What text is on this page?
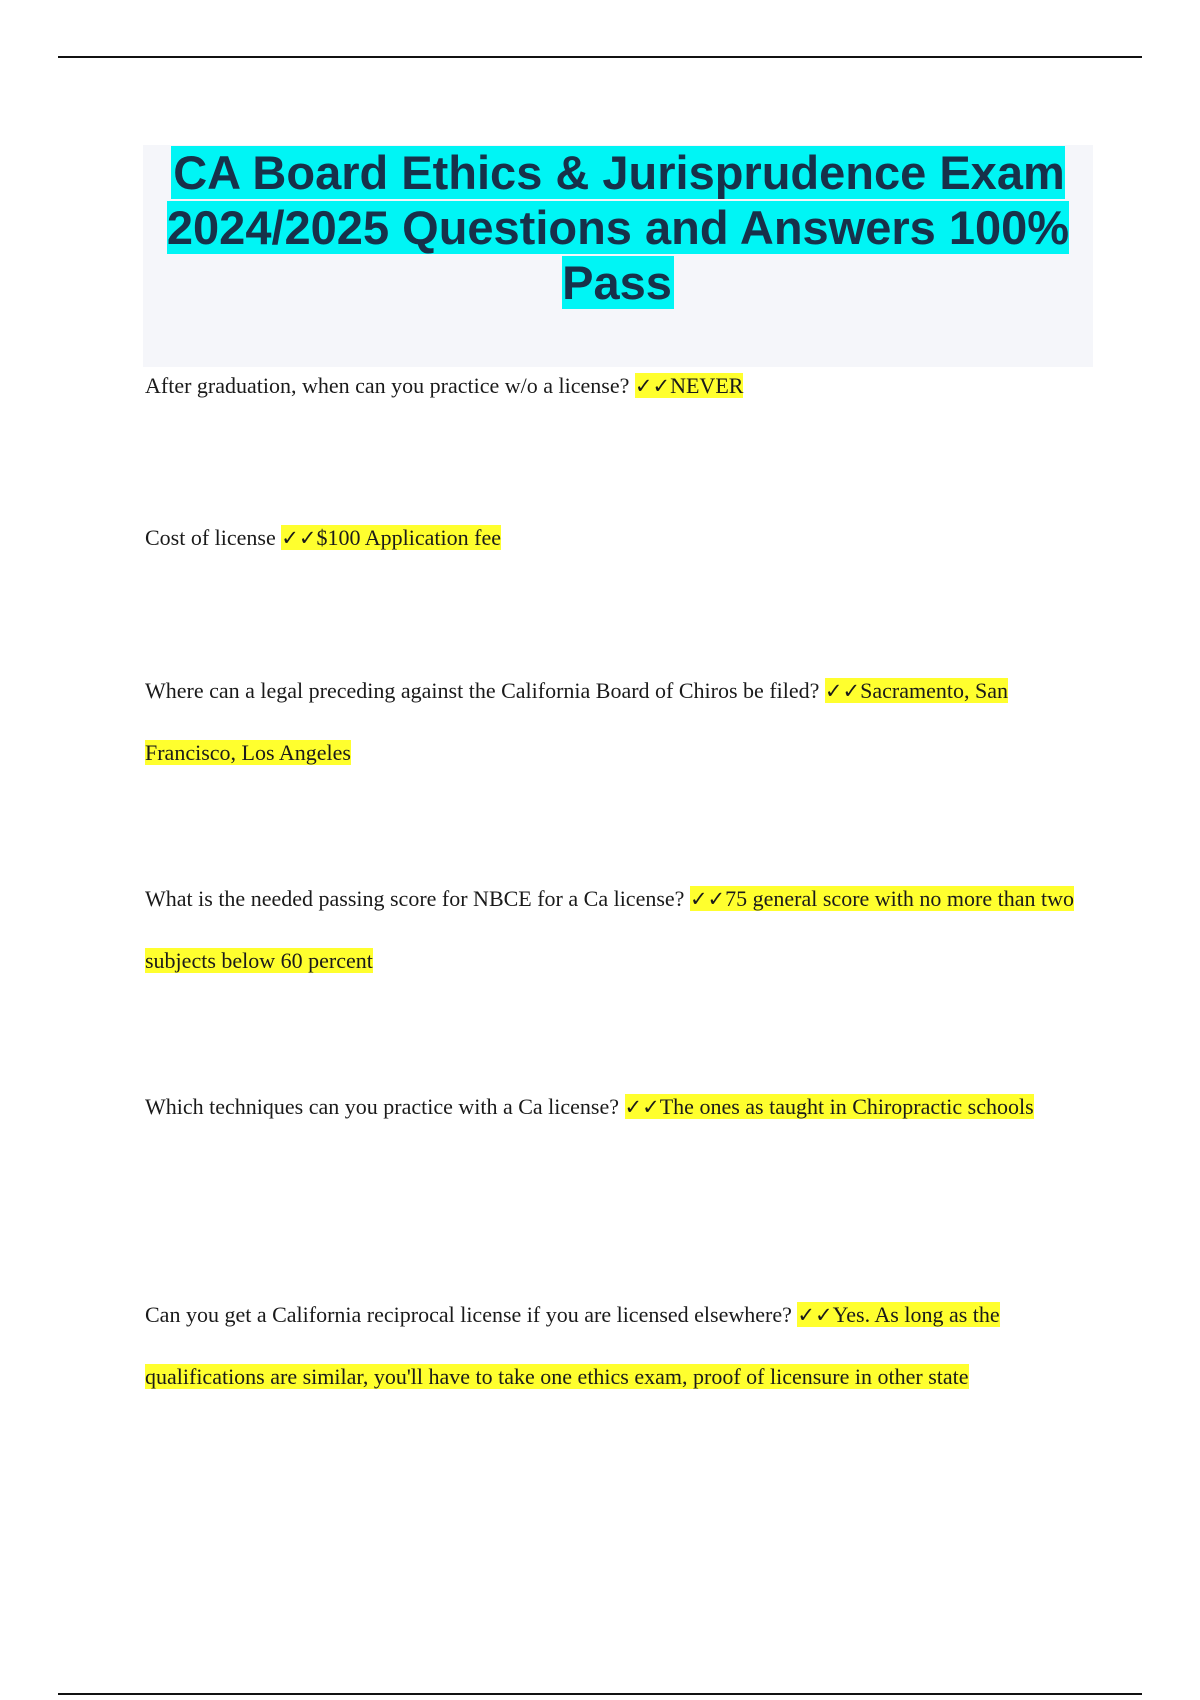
CA Board Ethics & Jurisprudence Exam 2024/2025 Questions and Answers 100% Pass

After graduation, when can you practice w/o a license? ✓✓NEVER

Cost of license ✓✓$100 Application fee

Where can a legal preceding against the California Board of Chiros be filed? ✓✓Sacramento, San Francisco, Los Angeles

What is the needed passing score for NBCE for a Ca license? ✓✓75 general score with no more than two subjects below 60 percent

Which techniques can you practice with a Ca license? ✓✓The ones as taught in Chiropractic schools

Can you get a California reciprocal license if you are licensed elsewhere? ✓✓Yes. As long as the qualifications are similar, you'll have to take one ethics exam, proof of licensure in other state
